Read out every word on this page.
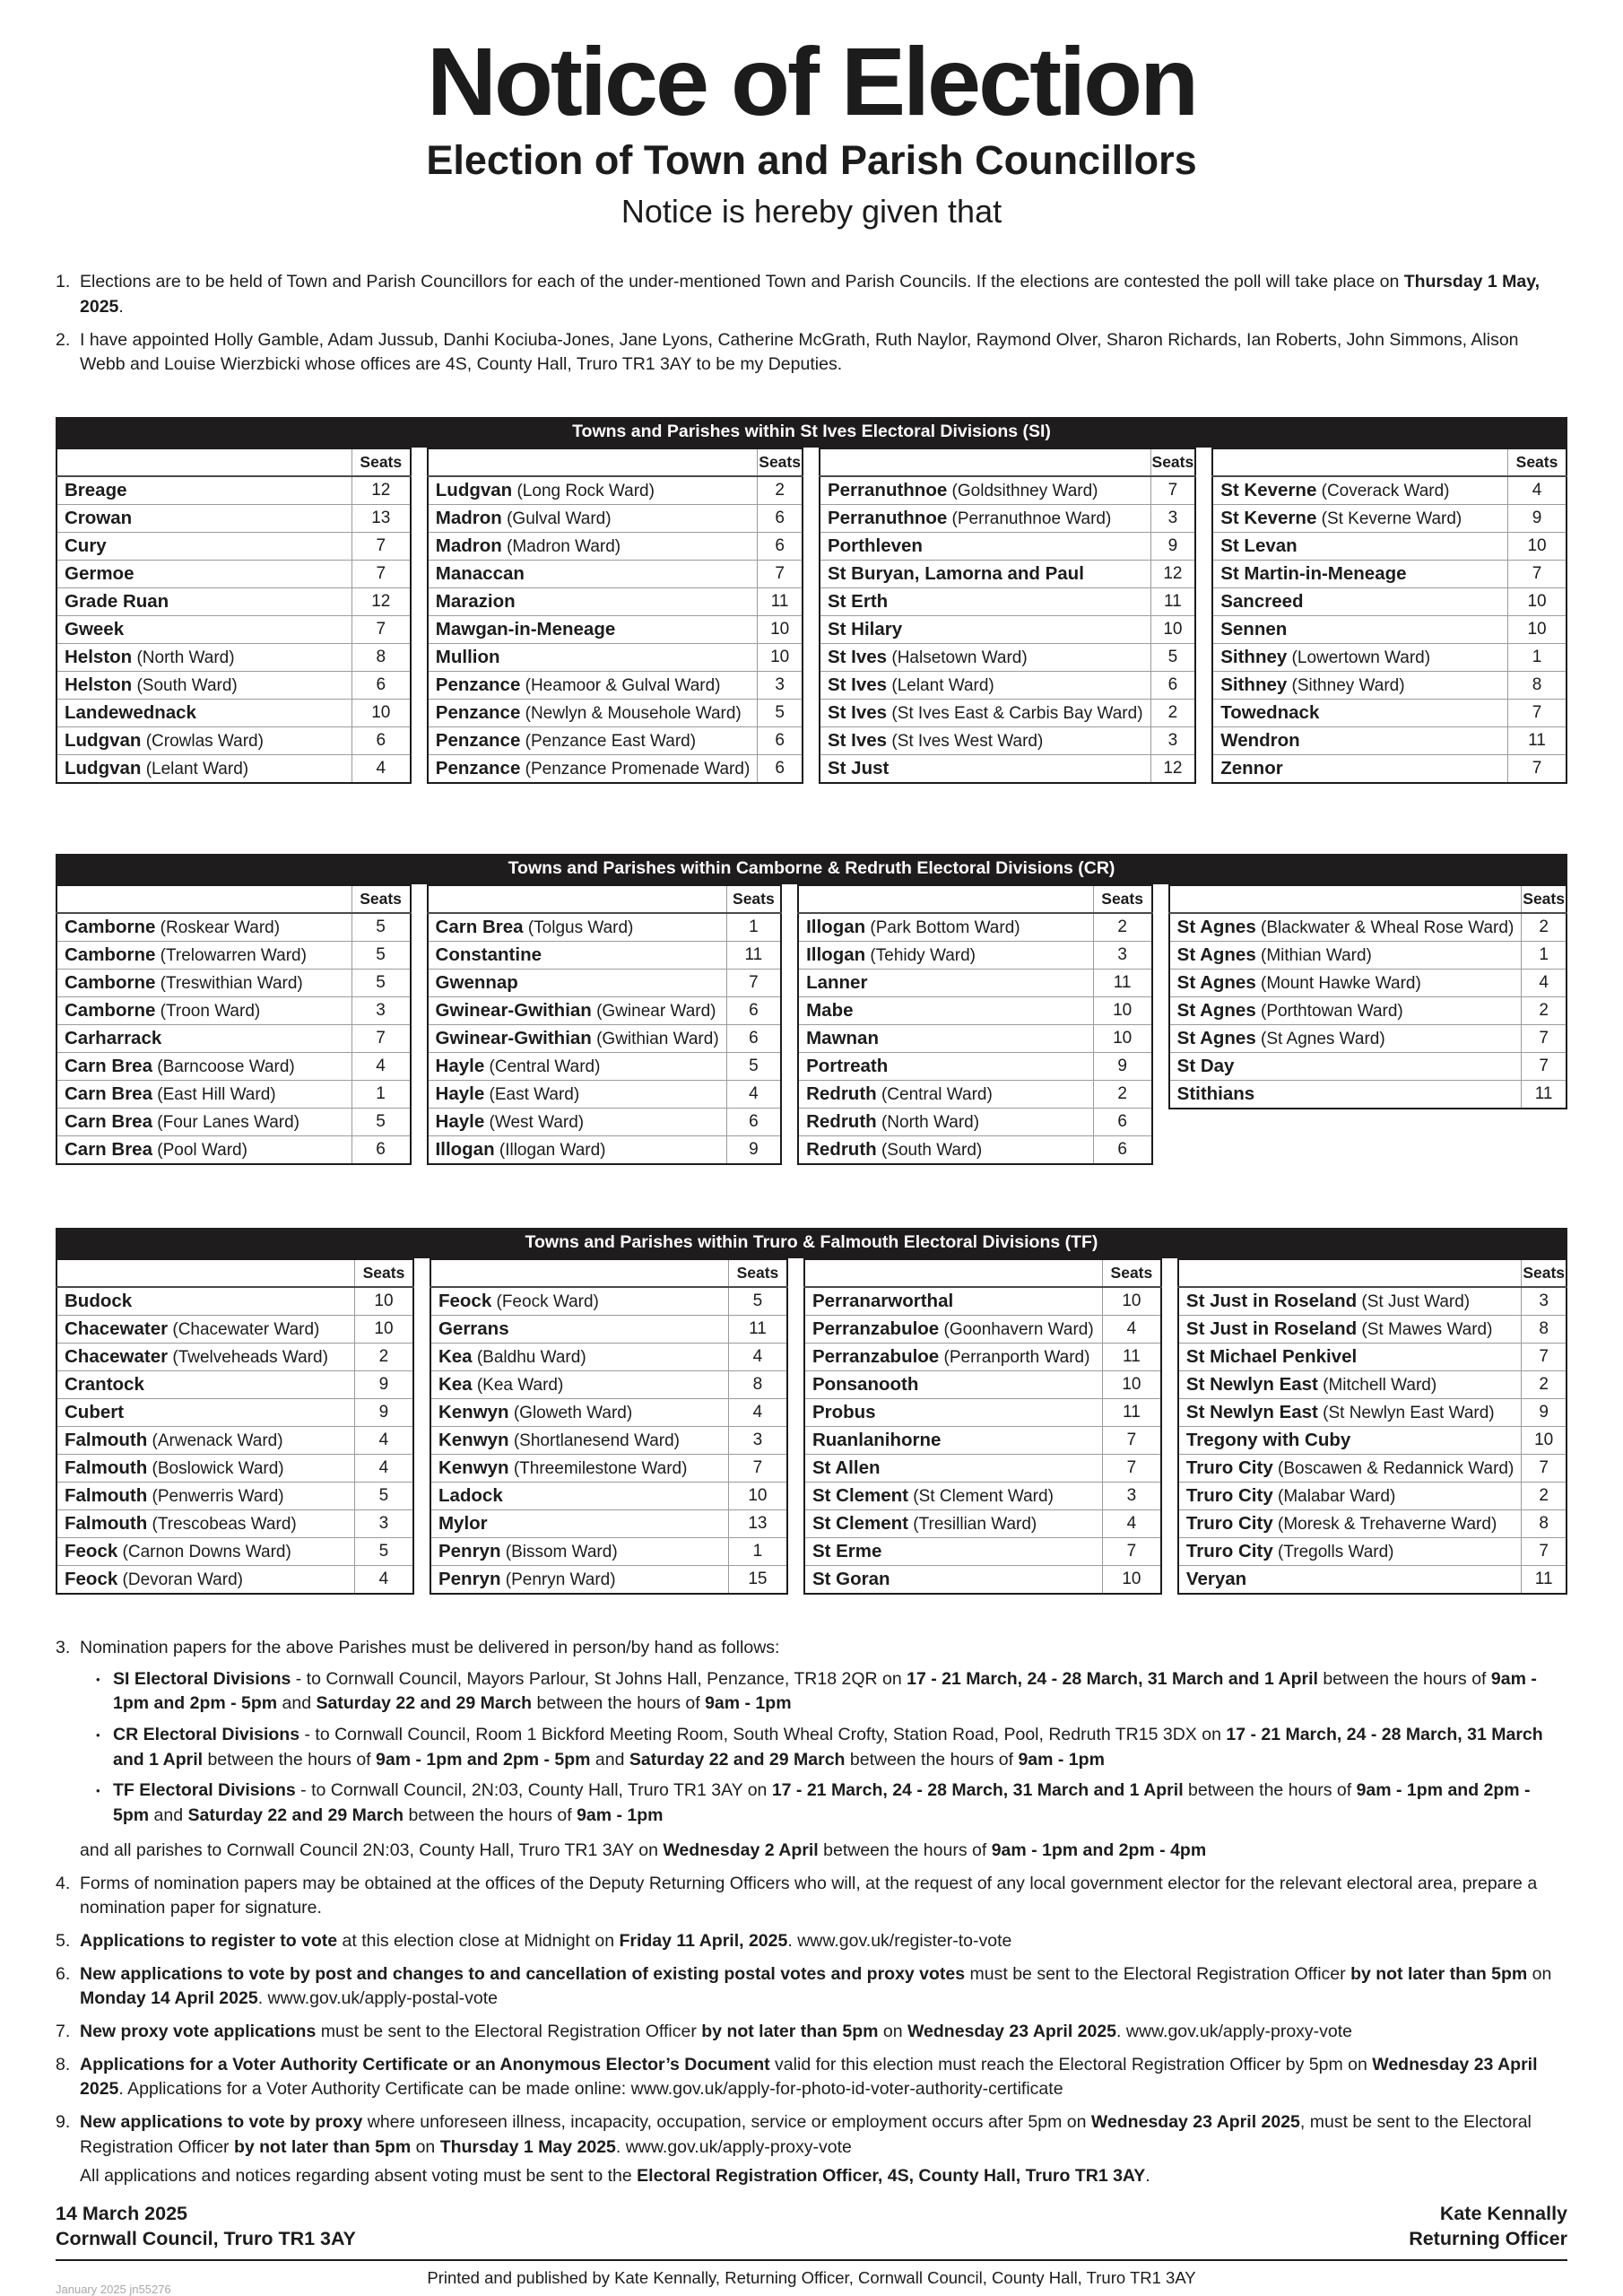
Notice of Election
Election of Town and Parish Councillors
Notice is hereby given that
1. Elections are to be held of Town and Parish Councillors for each of the under-mentioned Town and Parish Councils. If the elections are contested the poll will take place on Thursday 1 May, 2025.
2. I have appointed Holly Gamble, Adam Jussub, Danhi Kociuba-Jones, Jane Lyons, Catherine McGrath, Ruth Naylor, Raymond Olver, Sharon Richards, Ian Roberts, John Simmons, Alison Webb and Louise Wierzbicki whose offices are 4S, County Hall, Truro TR1 3AY to be my Deputies.
Towns and Parishes within St Ives Electoral Divisions (SI)
	Seats
Breage	12
Crowan	13
Cury	7
Germoe	7
Grade Ruan	12
Gweek	7
Helston (North Ward)	8
Helston (South Ward)	6
Landewednack	10
Ludgvan (Crowlas Ward)	6
Ludgvan (Lelant Ward)	4
	Seats
Ludgvan (Long Rock Ward)	2
Madron (Gulval Ward)	6
Madron (Madron Ward)	6
Manaccan	7
Marazion	11
Mawgan-in-Meneage	10
Mullion	10
Penzance (Heamoor & Gulval Ward)	3
Penzance (Newlyn & Mousehole Ward)	5
Penzance (Penzance East Ward)	6
Penzance (Penzance Promenade Ward)	6
	Seats
Perranuthnoe (Goldsithney Ward)	7
Perranuthnoe (Perranuthnoe Ward)	3
Porthleven	9
St Buryan, Lamorna and Paul	12
St Erth	11
St Hilary	10
St Ives (Halsetown Ward)	5
St Ives (Lelant Ward)	6
St Ives (St Ives East & Carbis Bay Ward)	2
St Ives (St Ives West Ward)	3
St Just	12
	Seats
St Keverne (Coverack Ward)	4
St Keverne (St Keverne Ward)	9
St Levan	10
St Martin-in-Meneage	7
Sancreed	10
Sennen	10
Sithney (Lowertown Ward)	1
Sithney (Sithney Ward)	8
Towednack	7
Wendron	11
Zennor	7
Towns and Parishes within Camborne & Redruth Electoral Divisions (CR)
	Seats
Camborne (Roskear Ward)	5
Camborne (Trelowarren Ward)	5
Camborne (Treswithian Ward)	5
Camborne (Troon Ward)	3
Carharrack	7
Carn Brea (Barncoose Ward)	4
Carn Brea (East Hill Ward)	1
Carn Brea (Four Lanes Ward)	5
Carn Brea (Pool Ward)	6
	Seats
Carn Brea (Tolgus Ward)	1
Constantine	11
Gwennap	7
Gwinear-Gwithian (Gwinear Ward)	6
Gwinear-Gwithian (Gwithian Ward)	6
Hayle (Central Ward)	5
Hayle (East Ward)	4
Hayle (West Ward)	6
Illogan (Illogan Ward)	9
	Seats
Illogan (Park Bottom Ward)	2
Illogan (Tehidy Ward)	3
Lanner	11
Mabe	10
Mawnan	10
Portreath	9
Redruth (Central Ward)	2
Redruth (North Ward)	6
Redruth (South Ward)	6
	Seats
St Agnes (Blackwater & Wheal Rose Ward)	2
St Agnes (Mithian Ward)	1
St Agnes (Mount Hawke Ward)	4
St Agnes (Porthtowan Ward)	2
St Agnes (St Agnes Ward)	7
St Day	7
Stithians	11
Towns and Parishes within Truro & Falmouth Electoral Divisions (TF)
	Seats
Budock	10
Chacewater (Chacewater Ward)	10
Chacewater (Twelveheads Ward)	2
Crantock	9
Cubert	9
Falmouth (Arwenack Ward)	4
Falmouth (Boslowick Ward)	4
Falmouth (Penwerris Ward)	5
Falmouth (Trescobeas Ward)	3
Feock (Carnon Downs Ward)	5
Feock (Devoran Ward)	4
	Seats
Feock (Feock Ward)	5
Gerrans	11
Kea (Baldhu Ward)	4
Kea (Kea Ward)	8
Kenwyn (Gloweth Ward)	4
Kenwyn (Shortlanesend Ward)	3
Kenwyn (Threemilestone Ward)	7
Ladock	10
Mylor	13
Penryn (Bissom Ward)	1
Penryn (Penryn Ward)	15
	Seats
Perranarworthal	10
Perranzabuloe (Goonhavern Ward)	4
Perranzabuloe (Perranporth Ward)	11
Ponsanooth	10
Probus	11
Ruanlanihorne	7
St Allen	7
St Clement (St Clement Ward)	3
St Clement (Tresillian Ward)	4
St Erme	7
St Goran	10
	Seats
St Just in Roseland (St Just Ward)	3
St Just in Roseland (St Mawes Ward)	8
St Michael Penkivel	7
St Newlyn East (Mitchell Ward)	2
St Newlyn East (St Newlyn East Ward)	9
Tregony with Cuby	10
Truro City (Boscawen & Redannick Ward)	7
Truro City (Malabar Ward)	2
Truro City (Moresk & Trehaverne Ward)	8
Truro City (Tregolls Ward)	7
Veryan	11
3. Nomination papers for the above Parishes must be delivered in person/by hand as follows:
• SI Electoral Divisions - to Cornwall Council, Mayors Parlour, St Johns Hall, Penzance, TR18 2QR on 17 - 21 March, 24 - 28 March, 31 March and 1 April between the hours of 9am - 1pm and 2pm - 5pm and Saturday 22 and 29 March between the hours of 9am - 1pm
• CR Electoral Divisions - to Cornwall Council, Room 1 Bickford Meeting Room, South Wheal Crofty, Station Road, Pool, Redruth TR15 3DX on 17 - 21 March, 24 - 28 March, 31 March and 1 April between the hours of 9am - 1pm and 2pm - 5pm and Saturday 22 and 29 March between the hours of 9am - 1pm
• TF Electoral Divisions - to Cornwall Council, 2N:03, County Hall, Truro TR1 3AY on 17 - 21 March, 24 - 28 March, 31 March and 1 April between the hours of 9am - 1pm and 2pm - 5pm and Saturday 22 and 29 March between the hours of 9am - 1pm
and all parishes to Cornwall Council 2N:03, County Hall, Truro TR1 3AY on Wednesday 2 April between the hours of 9am - 1pm and 2pm - 4pm
4. Forms of nomination papers may be obtained at the offices of the Deputy Returning Officers who will, at the request of any local government elector for the relevant electoral area, prepare a nomination paper for signature.
5. Applications to register to vote at this election close at Midnight on Friday 11 April, 2025. www.gov.uk/register-to-vote
6. New applications to vote by post and changes to and cancellation of existing postal votes and proxy votes must be sent to the Electoral Registration Officer by not later than 5pm on Monday 14 April 2025. www.gov.uk/apply-postal-vote
7. New proxy vote applications must be sent to the Electoral Registration Officer by not later than 5pm on Wednesday 23 April 2025. www.gov.uk/apply-proxy-vote
8. Applications for a Voter Authority Certificate or an Anonymous Elector’s Document valid for this election must reach the Electoral Registration Officer by 5pm on Wednesday 23 April 2025. Applications for a Voter Authority Certificate can be made online: www.gov.uk/apply-for-photo-id-voter-authority-certificate
9. New applications to vote by proxy where unforeseen illness, incapacity, occupation, service or employment occurs after 5pm on Wednesday 23 April 2025, must be sent to the Electoral Registration Officer by not later than 5pm on Thursday 1 May 2025. www.gov.uk/apply-proxy-vote
All applications and notices regarding absent voting must be sent to the Electoral Registration Officer, 4S, County Hall, Truro TR1 3AY.
14 March 2025
Cornwall Council, Truro TR1 3AY
Kate Kennally
Returning Officer
Printed and published by Kate Kennally, Returning Officer, Cornwall Council, County Hall, Truro TR1 3AY
January 2025 jn55276
